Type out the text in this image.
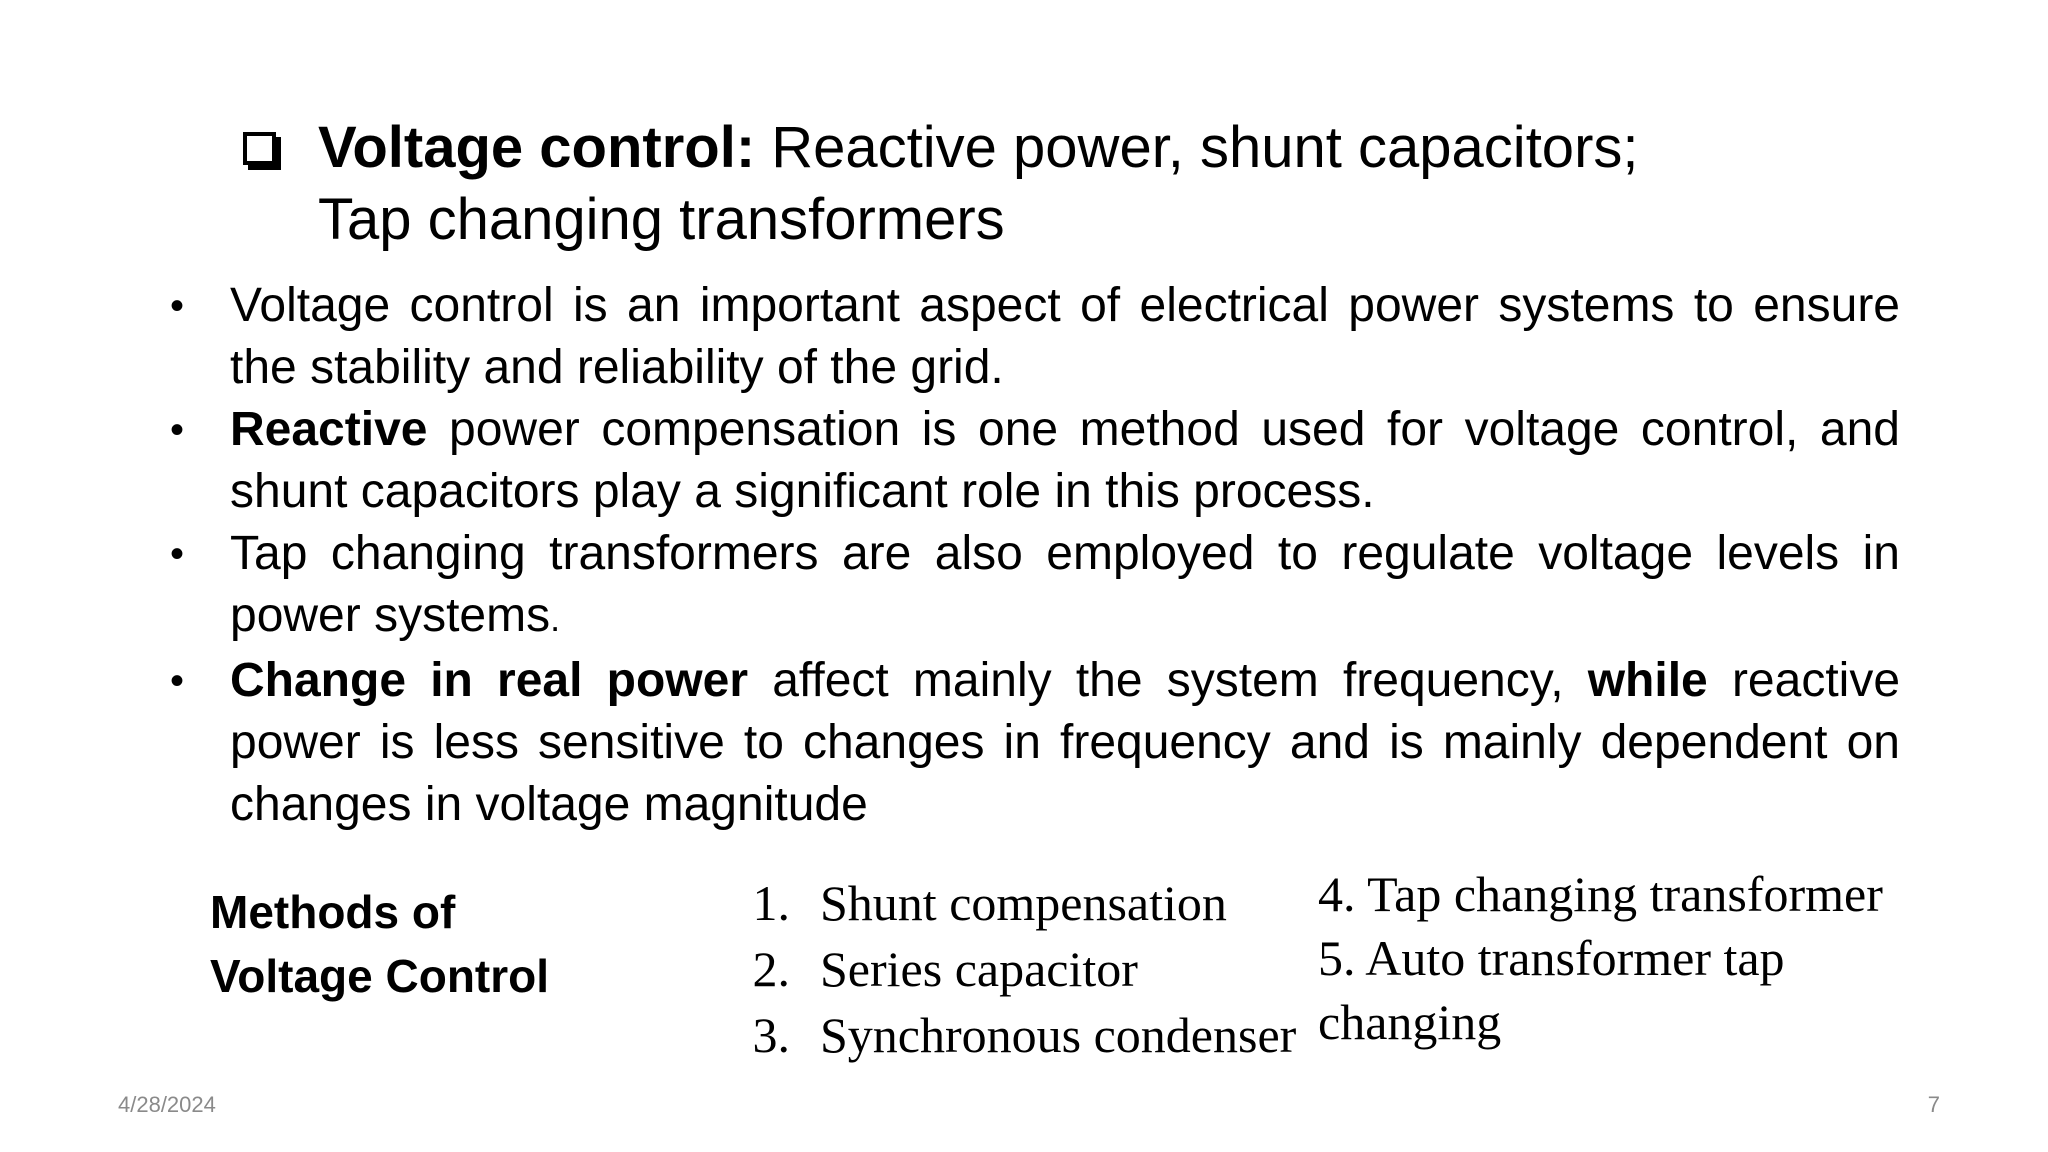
Voltage control: Reactive power, shunt capacitors;
Tap changing transformers
• Voltage control is an important aspect of electrical power systems to ensure the stability and reliability of the grid.
• Reactive power compensation is one method used for voltage control, and shunt capacitors play a significant role in this process.
• Tap changing transformers are also employed to regulate voltage levels in power systems.
• Change in real power affect mainly the system frequency, while reactive power is less sensitive to changes in frequency and is mainly dependent on changes in voltage magnitude
Methods of
Voltage Control
1. Shunt compensation
2. Series capacitor
3. Synchronous condenser
4. Tap changing transformer
5. Auto transformer tap
changing
4/28/2024	7
